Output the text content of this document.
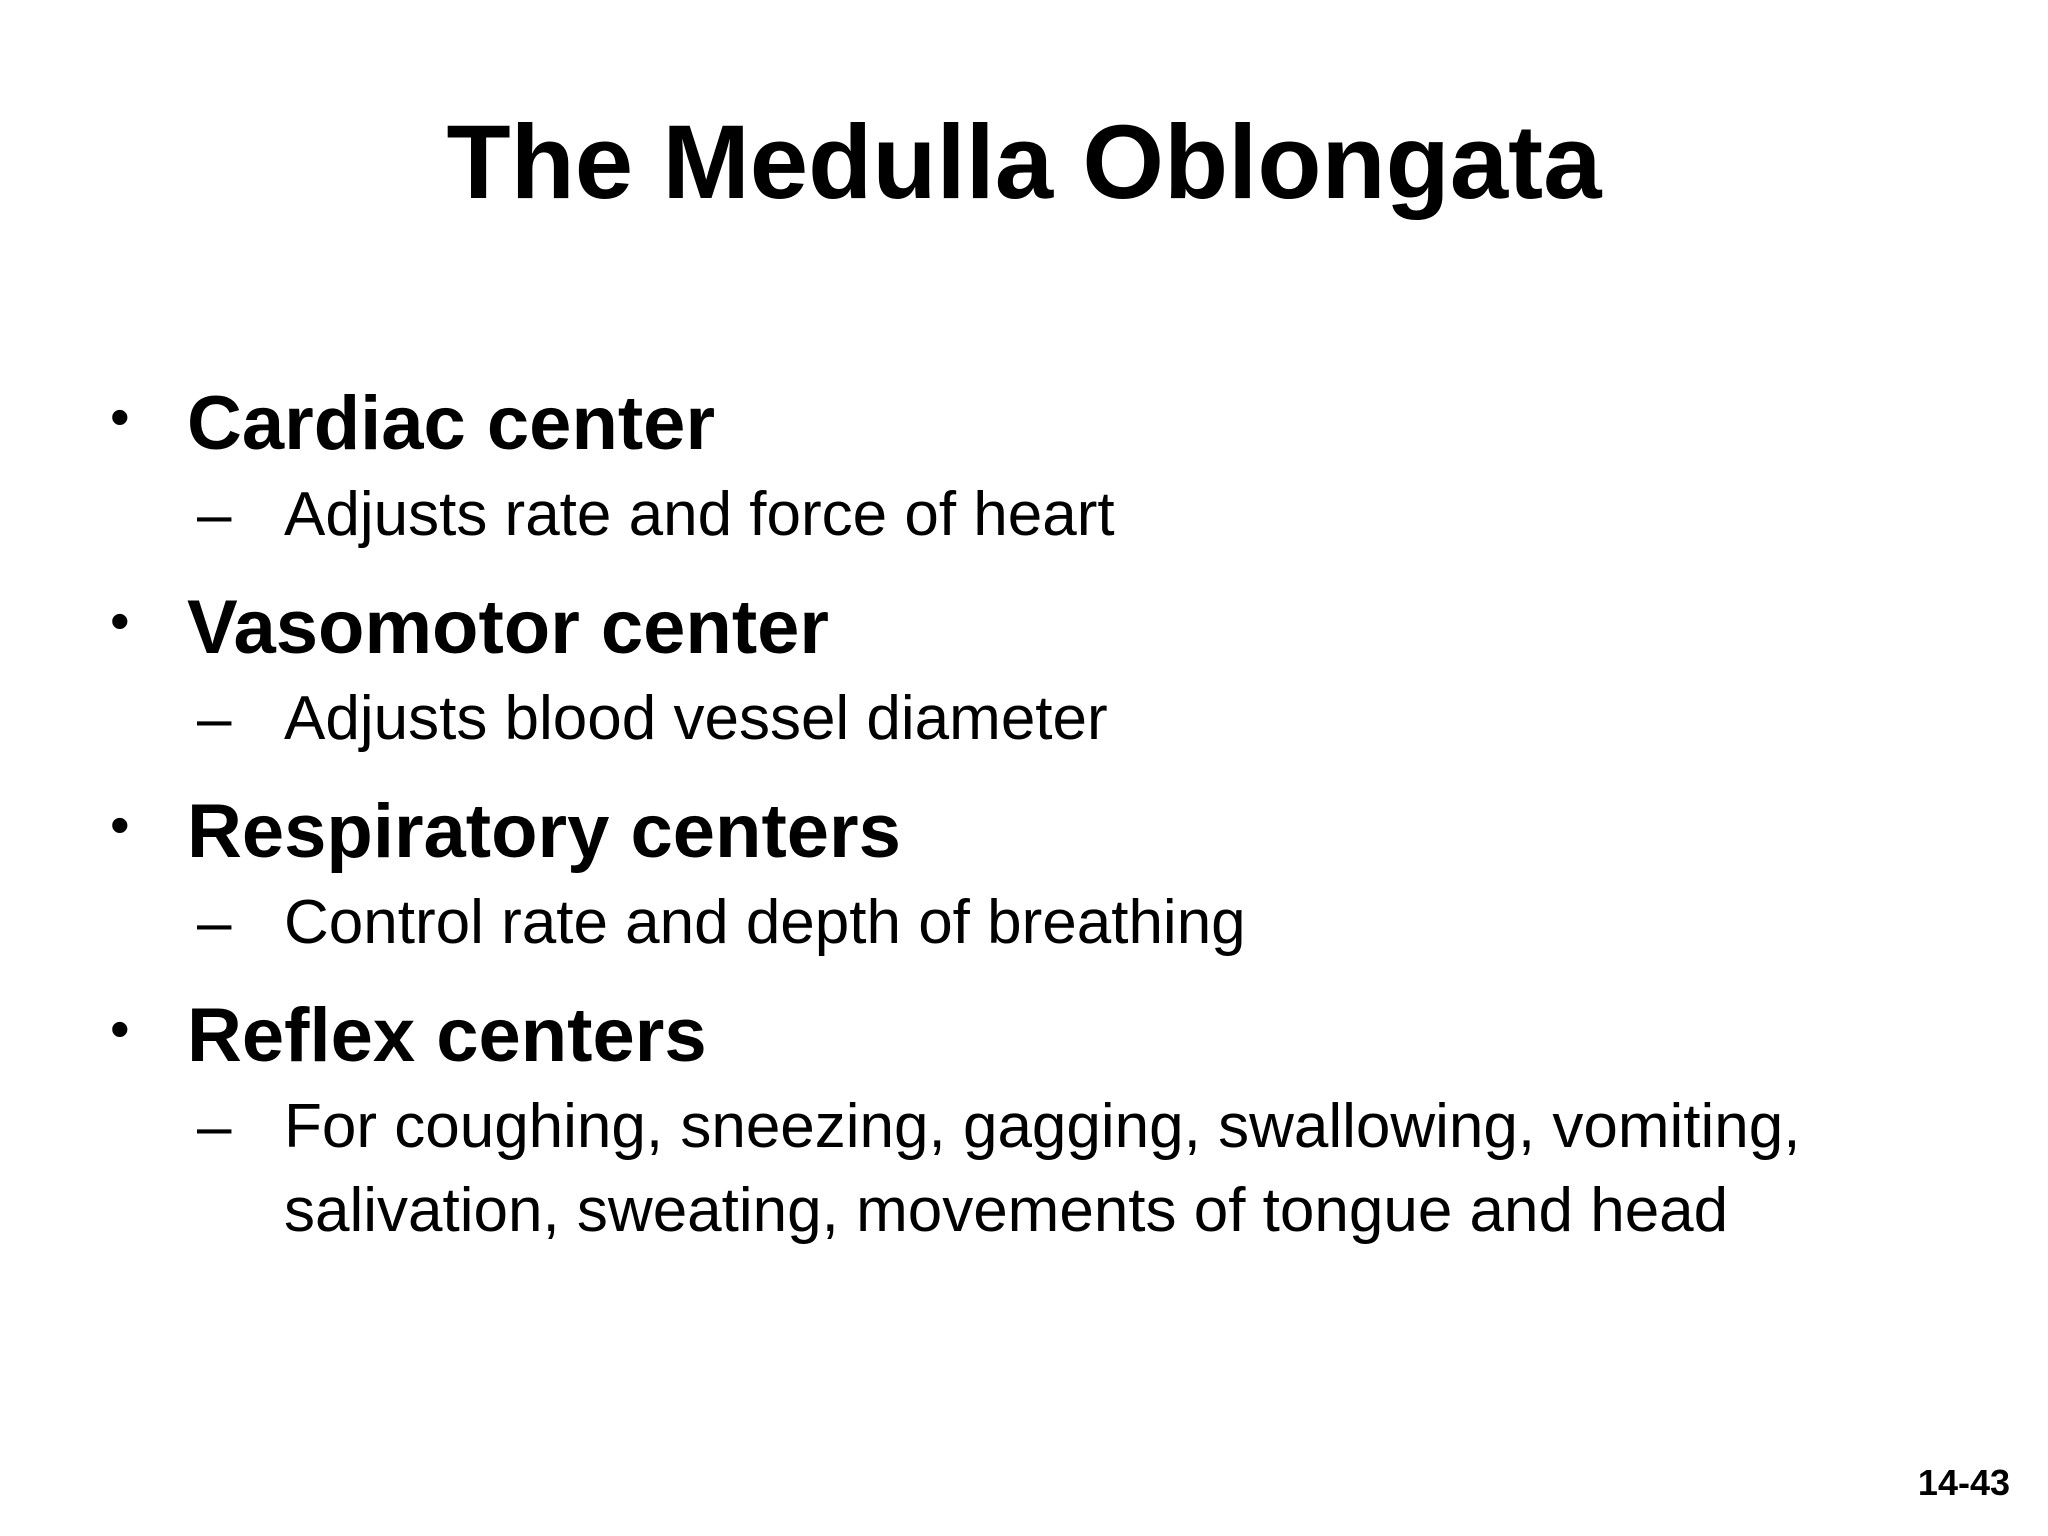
The Medulla Oblongata
• Cardiac center
– Adjusts rate and force of heart
• Vasomotor center
– Adjusts blood vessel diameter
• Respiratory centers
– Control rate and depth of breathing
• Reflex centers
– For coughing, sneezing, gagging, swallowing, vomiting, salivation, sweating, movements of tongue and head
14-43
